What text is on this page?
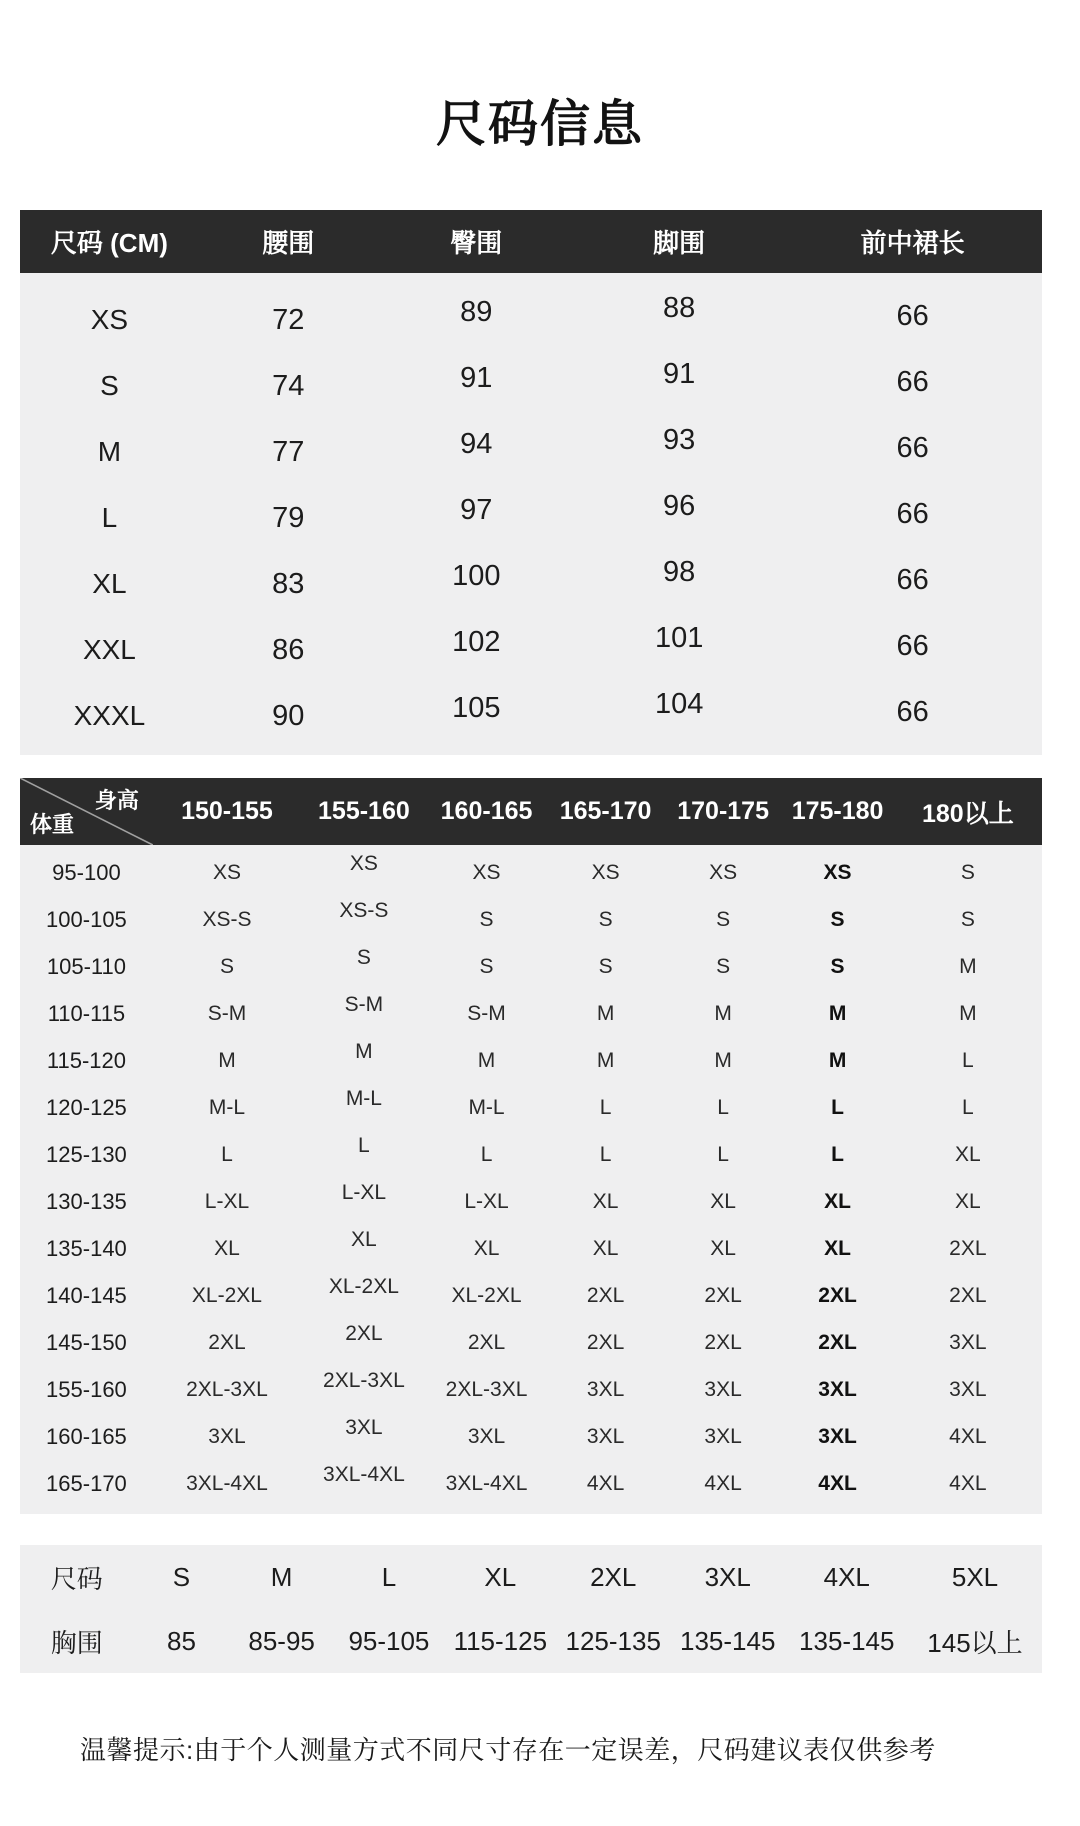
尺码信息
尺码 (CM)	腰围	臀围	脚围	前中裙长
XS	72	89	88	66
S	74	91	91	66
M	77	94	93	66
L	79	97	96	66
XL	83	100	98	66
XXL	86	102	101	66
XXXL	90	105	104	66
身高
体重	150-155	155-160	160-165	165-170	170-175 175-180	180以上
95-100	XS	XS	XS	XS	XS	XS	S
100-105	XS-S	XS-S	S	S	S	S	S
105-110	S	S	S	S	S	S	M
110-115	S-M	S-M	S-M	M	M	M	M
115-120	M	M	M	M	M	M	L
120-125	M-L	M-L	M-L	L	L	L	L
125-130	L	L	L	L	L	L	XL
130-135	L-XL	L-XL	L-XL	XL	XL	XL	XL
135-140	XL	XL	XL	XL	XL	XL	2XL
140-145	XL-2XL	XL-2XL	XL-2XL	2XL	2XL	2XL	2XL
145-150	2XL	2XL	2XL	2XL	2XL	2XL	3XL
155-160	2XL-3XL	2XL-3XL	2XL-3XL	3XL	3XL	3XL	3XL
160-165	3XL	3XL	3XL	3XL	3XL	3XL	4XL
165-170	3XL-4XL	3XL-4XL	3XL-4XL	4XL	4XL	4XL	4XL
尺码	S	M	L	XL	2XL	3XL	4XL	5XL
胸围	85	85-95	95-105 115-125 125-135 135-145 135-145	145以上
温馨提示:由于个人测量方式不同尺寸存在一定误差，尺码建议表仅供参考
